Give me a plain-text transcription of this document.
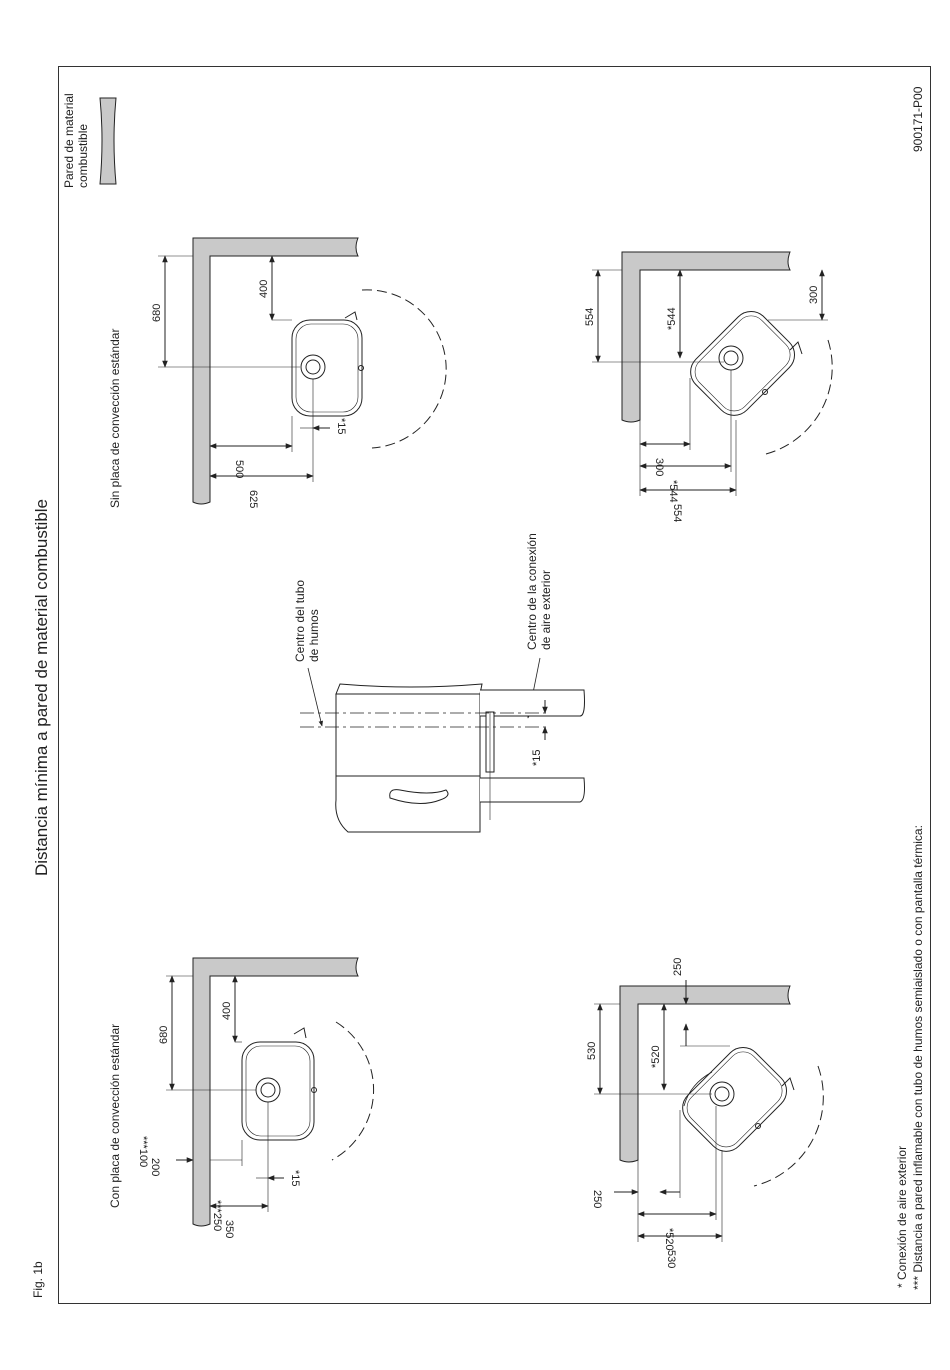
Fig. 1b
Distancia mínima a pared de material combustible
900171-P00
Pared de material combustible
* Conexión de aire exterior *** Distancia a pared inflamable con tubo de humos semiaislado o con pantalla térmica:
Sin placa de convección estándar
680
400
500
625
*15
Centro del tubo de humos	Centro de la conexión de aire exterior
*15
554	*544
300
300
*544
554
Con placa de convección estándar	680
400
200
***100
350
***250
*15
530	*520
250
250
*520
530
